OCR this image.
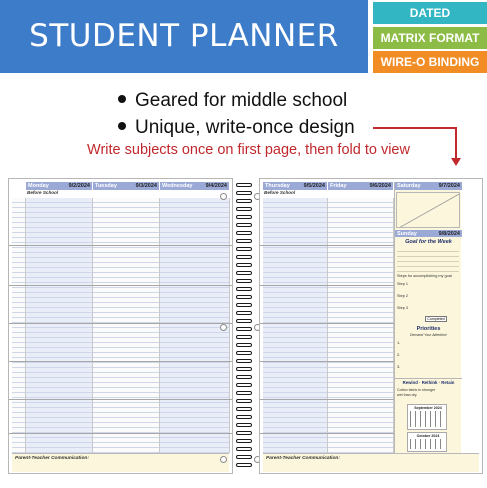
STUDENT PLANNER
DATED
MATRIX FORMAT
WIRE-O BINDING
Geared for middle school
Unique, write-once design
Write subjects once on first page, then fold to view
Monday	9/2/2024 Tuesday	9/3/2024 Wednesday 9/4/2024
Before School
Parent-Teacher Communication:
Thursday	9/5/2024 Friday	9/6/2024
Before School
Saturday	9/7/2024
Sunday	9/8/2024
Goal for the Week
Steps for accomplishing my goal
Step 1
Step 2
Step 3
Completed
Priorities
Demand Your Attention!
1.
2.
3.
Rewind · Rethink · Retain
Cotton fabric is stronger wet than dry.
September 2024
October 2024
Parent-Teacher Communication:
